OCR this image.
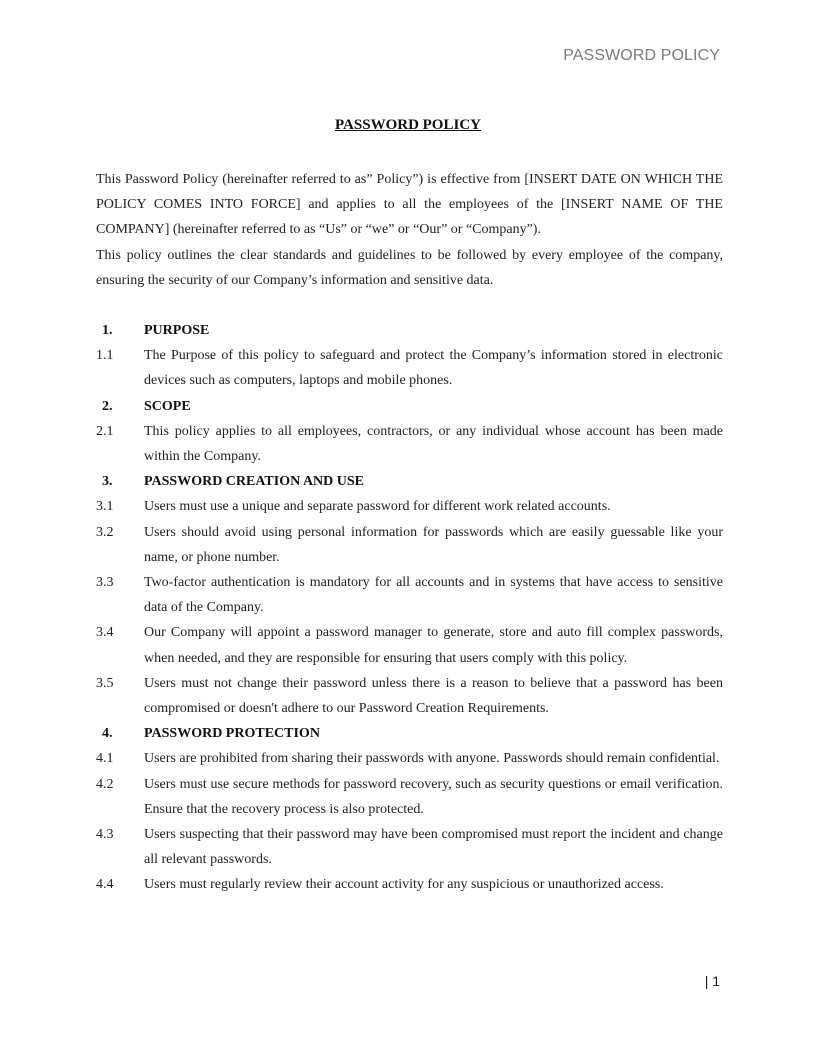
PASSWORD POLICY
PASSWORD POLICY

This Password Policy (hereinafter referred to as” Policy”) is effective from [INSERT DATE ON WHICH THE POLICY COMES INTO FORCE] and applies to all the employees of the [INSERT NAME OF THE COMPANY] (hereinafter referred to as “Us” or “we” or “Our” or “Company”).

This policy outlines the clear standards and guidelines to be followed by every employee of the company, ensuring the security of our Company’s information and sensitive data.

1.	PURPOSE
1.1	The Purpose of this policy to safeguard and protect the Company’s information stored in electronic devices such as computers, laptops and mobile phones.
2.	SCOPE
2.1	This policy applies to all employees, contractors, or any individual whose account has been made within the Company.
3.	PASSWORD CREATION AND USE
3.1	Users must use a unique and separate password for different work related accounts.
3.2	Users should avoid using personal information for passwords which are easily guessable like your name, or phone number.
3.3	Two-factor authentication is mandatory for all accounts and in systems that have access to sensitive data of the Company.
3.4	Our Company will appoint a password manager to generate, store and auto fill complex passwords, when needed, and they are responsible for ensuring that users comply with this policy.
3.5	Users must not change their password unless there is a reason to believe that a password has been compromised or doesn't adhere to our Password Creation Requirements.
4.	PASSWORD PROTECTION
4.1	Users are prohibited from sharing their passwords with anyone. Passwords should remain confidential.
4.2	Users must use secure methods for password recovery, such as security questions or email verification. Ensure that the recovery process is also protected.
4.3	Users suspecting that their password may have been compromised must report the incident and change all relevant passwords.
4.4	Users must regularly review their account activity for any suspicious or unauthorized access.
| 1
